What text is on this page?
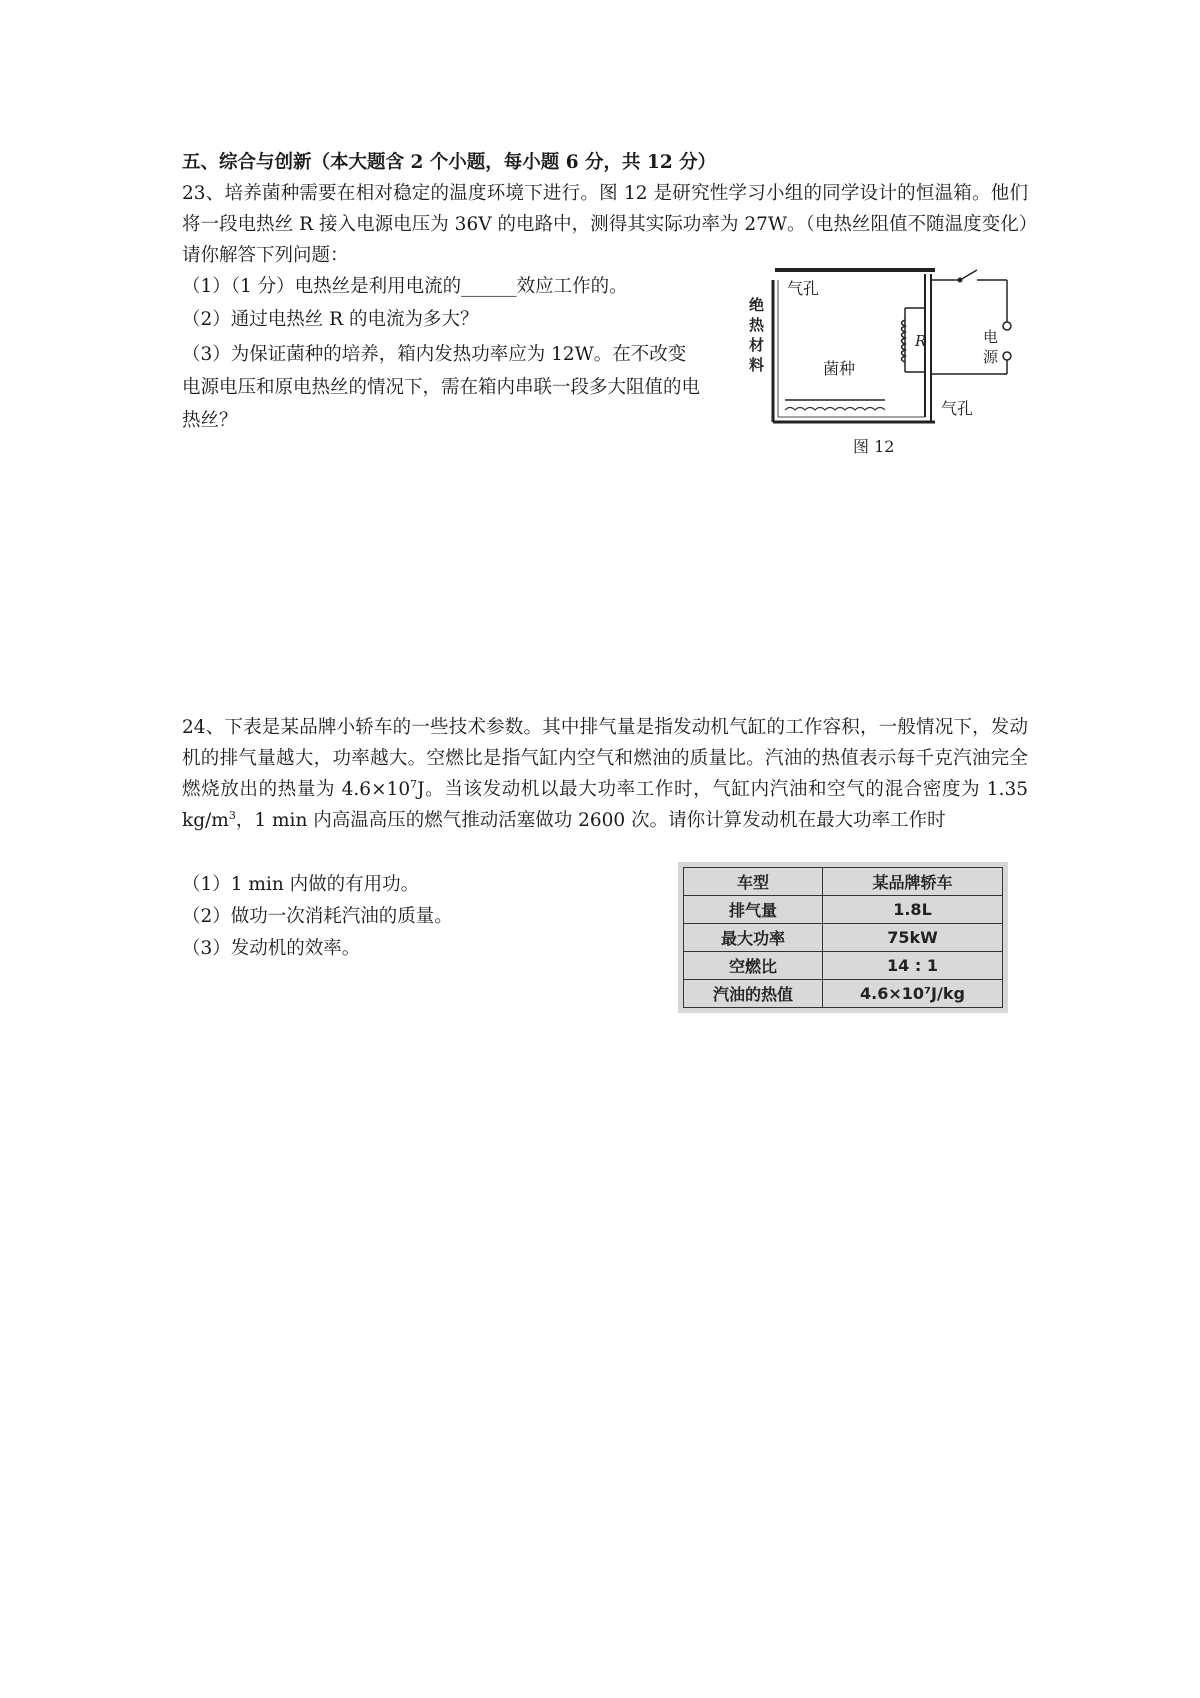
五、综合与创新（本大题含 2 个小题，每小题 6 分，共 12 分）
23、培养菌种需要在相对稳定的温度环境下进行。图 12 是研究性学习小组的同学设计的恒温箱。他们将一段电热丝 R 接入电源电压为 36V 的电路中，测得其实际功率为 27W。（电热丝阻值不随温度变化）请你解答下列问题：
（1）（1 分）电热丝是利用电流的______效应工作的。
（2）通过电热丝 R 的电流为多大？
（3）为保证菌种的培养，箱内发热功率应为 12W。在不改变电源电压和原电热丝的情况下，需在箱内串联一段多大阻值的电热丝？
R
气孔
气孔
菌种
绝
热
材
料
电
源
图 12
24、下表是某品牌小轿车的一些技术参数。其中排气量是指发动机气缸的工作容积，一般情况下，发动机的排气量越大，功率越大。空燃比是指气缸内空气和燃油的质量比。汽油的热值表示每千克汽油完全燃烧放出的热量为 $4.6\times 10^7J$。当该发动机以最大功率工作时，气缸内汽油和空气的混合密度为 1.35 $kg/m^3$，1 min 内高温高压的燃气推动活塞做功 2600 次。请你计算发动机在最大功率工作时
（1）1 min 内做的有用功。
（2）做功一次消耗汽油的质量。
（3）发动机的效率。
车型	某品牌轿车
排气量	1.8L
最大功率	75kW
空燃比	14 : 1
汽油的热值	4.6×10⁷J/kg
